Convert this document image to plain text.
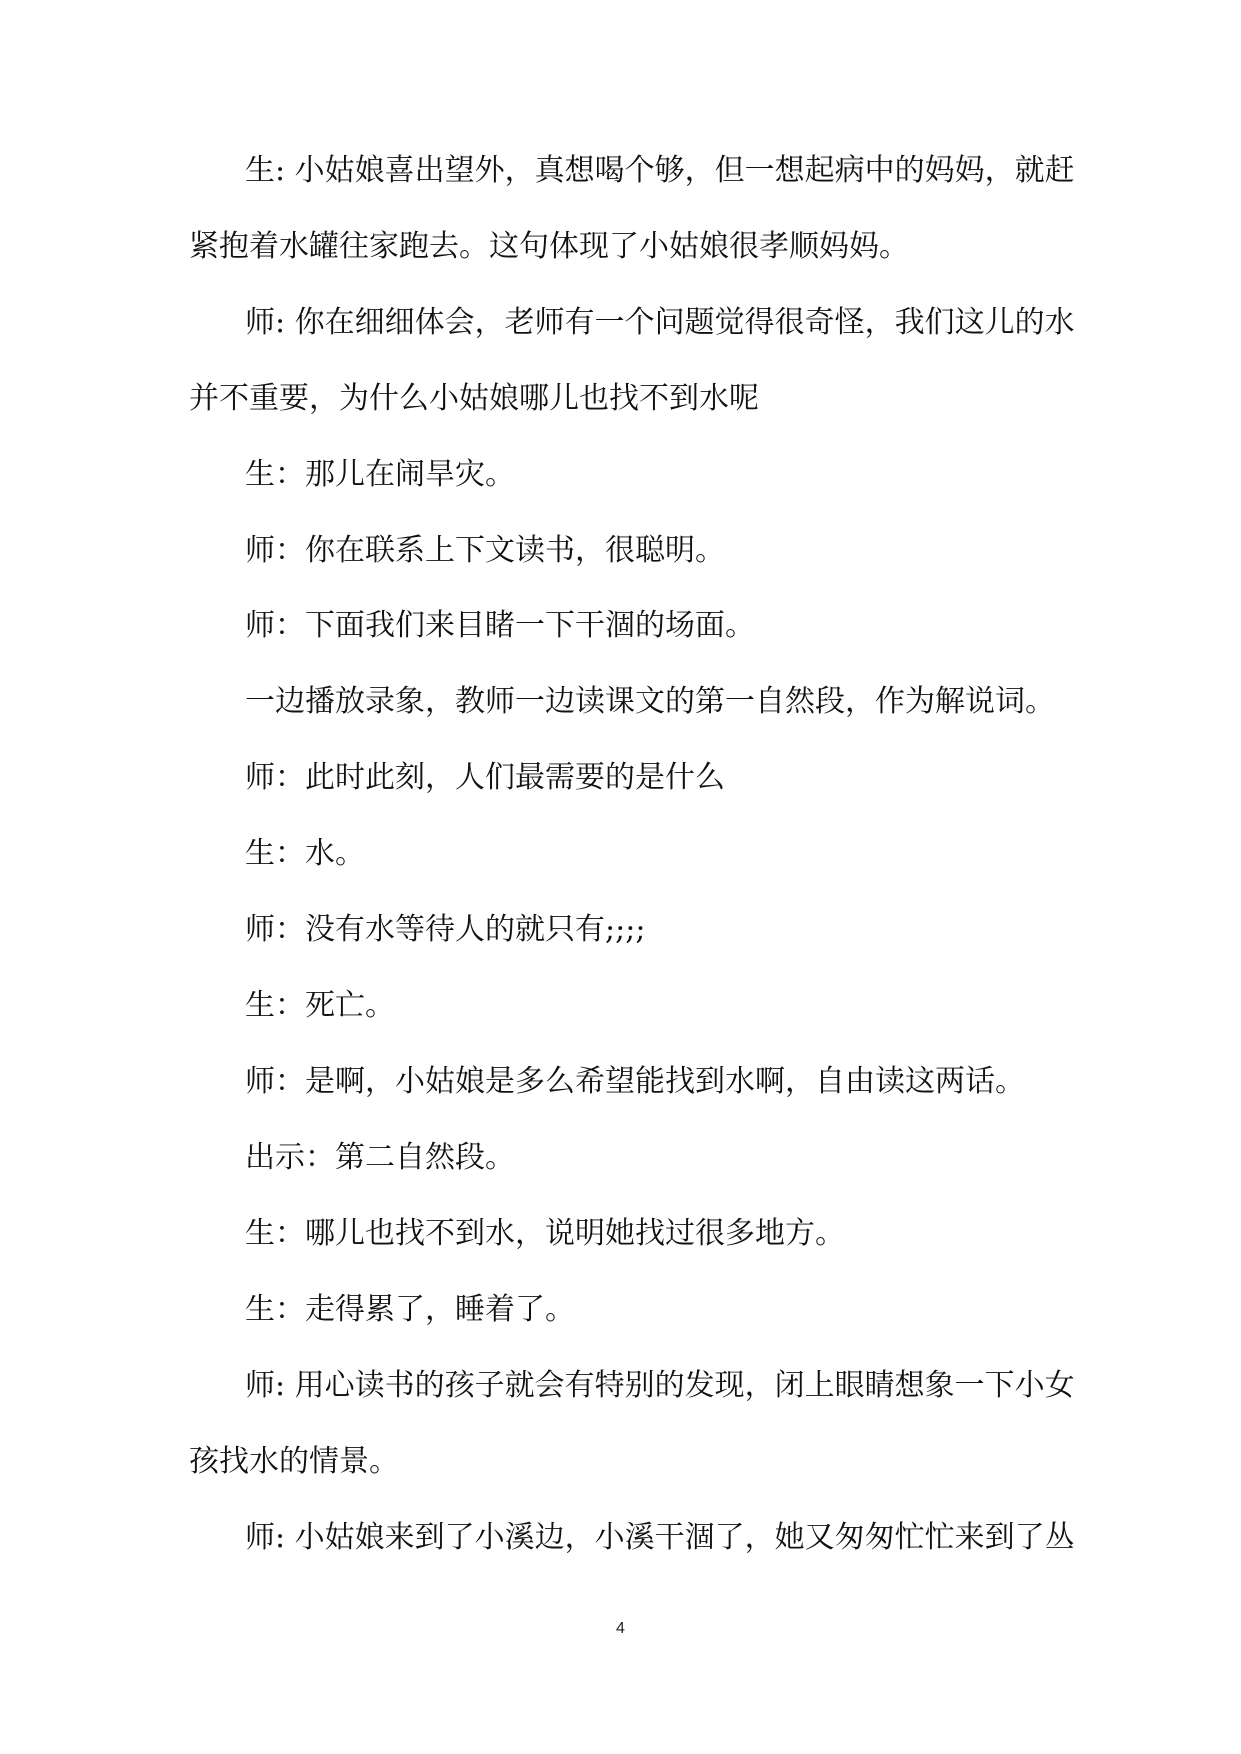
生: 小姑娘喜出望外，真想喝个够，但一想起病中的妈妈，就赶

紧抱着水罐往家跑去。这句体现了小姑娘很孝顺妈妈。

师: 你在细细体会，老师有一个问题觉得很奇怪，我们这儿的水

并不重要，为什么小姑娘哪儿也找不到水呢

生：那儿在闹旱灾。

师：你在联系上下文读书，很聪明。

师：下面我们来目睹一下干涸的场面。

一边播放录象，教师一边读课文的第一自然段，作为解说词。

师：此时此刻，人们最需要的是什么

生：水。

师：没有水等待人的就只有;;;;

生：死亡。

师：是啊，小姑娘是多么希望能找到水啊，自由读这两话。

出示：第二自然段。

生：哪儿也找不到水，说明她找过很多地方。

生：走得累了，睡着了。

师: 用心读书的孩子就会有特别的发现，闭上眼睛想象一下小女

孩找水的情景。

师: 小姑娘来到了小溪边，小溪干涸了，她又匆匆忙忙来到了丛

4
